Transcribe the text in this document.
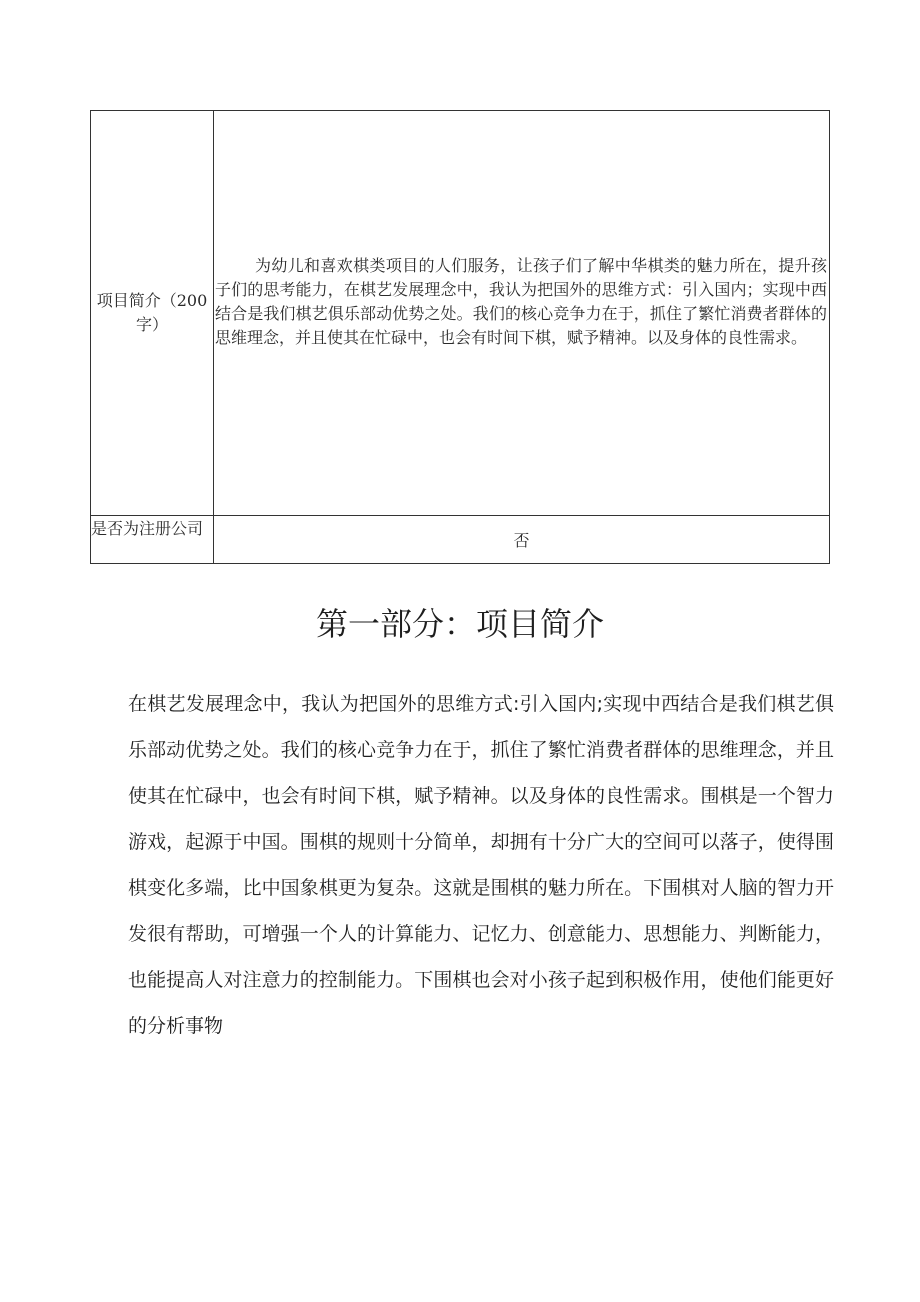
项目简介（200字）	为幼儿和喜欢棋类项目的人们服务，让孩子们了解中华棋类的魅力所在，提升孩子们的思考能力，在棋艺发展理念中，我认为把国外的思维方式：引入国内；实现中西结合是我们棋艺俱乐部动优势之处。我们的核心竞争力在于，抓住了繁忙消费者群体的思维理念，并且使其在忙碌中，也会有时间下棋，赋予精神。以及身体的良性需求。

是否为注册公司	否
第一部分：项目简介

在棋艺发展理念中，我认为把国外的思维方式:引入国内;实现中西结合是我们棋艺俱乐部动优势之处。我们的核心竞争力在于，抓住了繁忙消费者群体的思维理念，并且使其在忙碌中，也会有时间下棋，赋予精神。以及身体的良性需求。围棋是一个智力游戏，起源于中国。围棋的规则十分简单，却拥有十分广大的空间可以落子，使得围棋变化多端，比中国象棋更为复杂。这就是围棋的魅力所在。下围棋对人脑的智力开发很有帮助，可增强一个人的计算能力、记忆力、创意能力、思想能力、判断能力，也能提高人对注意力的控制能力。下围棋也会对小孩子起到积极作用，使他们能更好的分析事物
